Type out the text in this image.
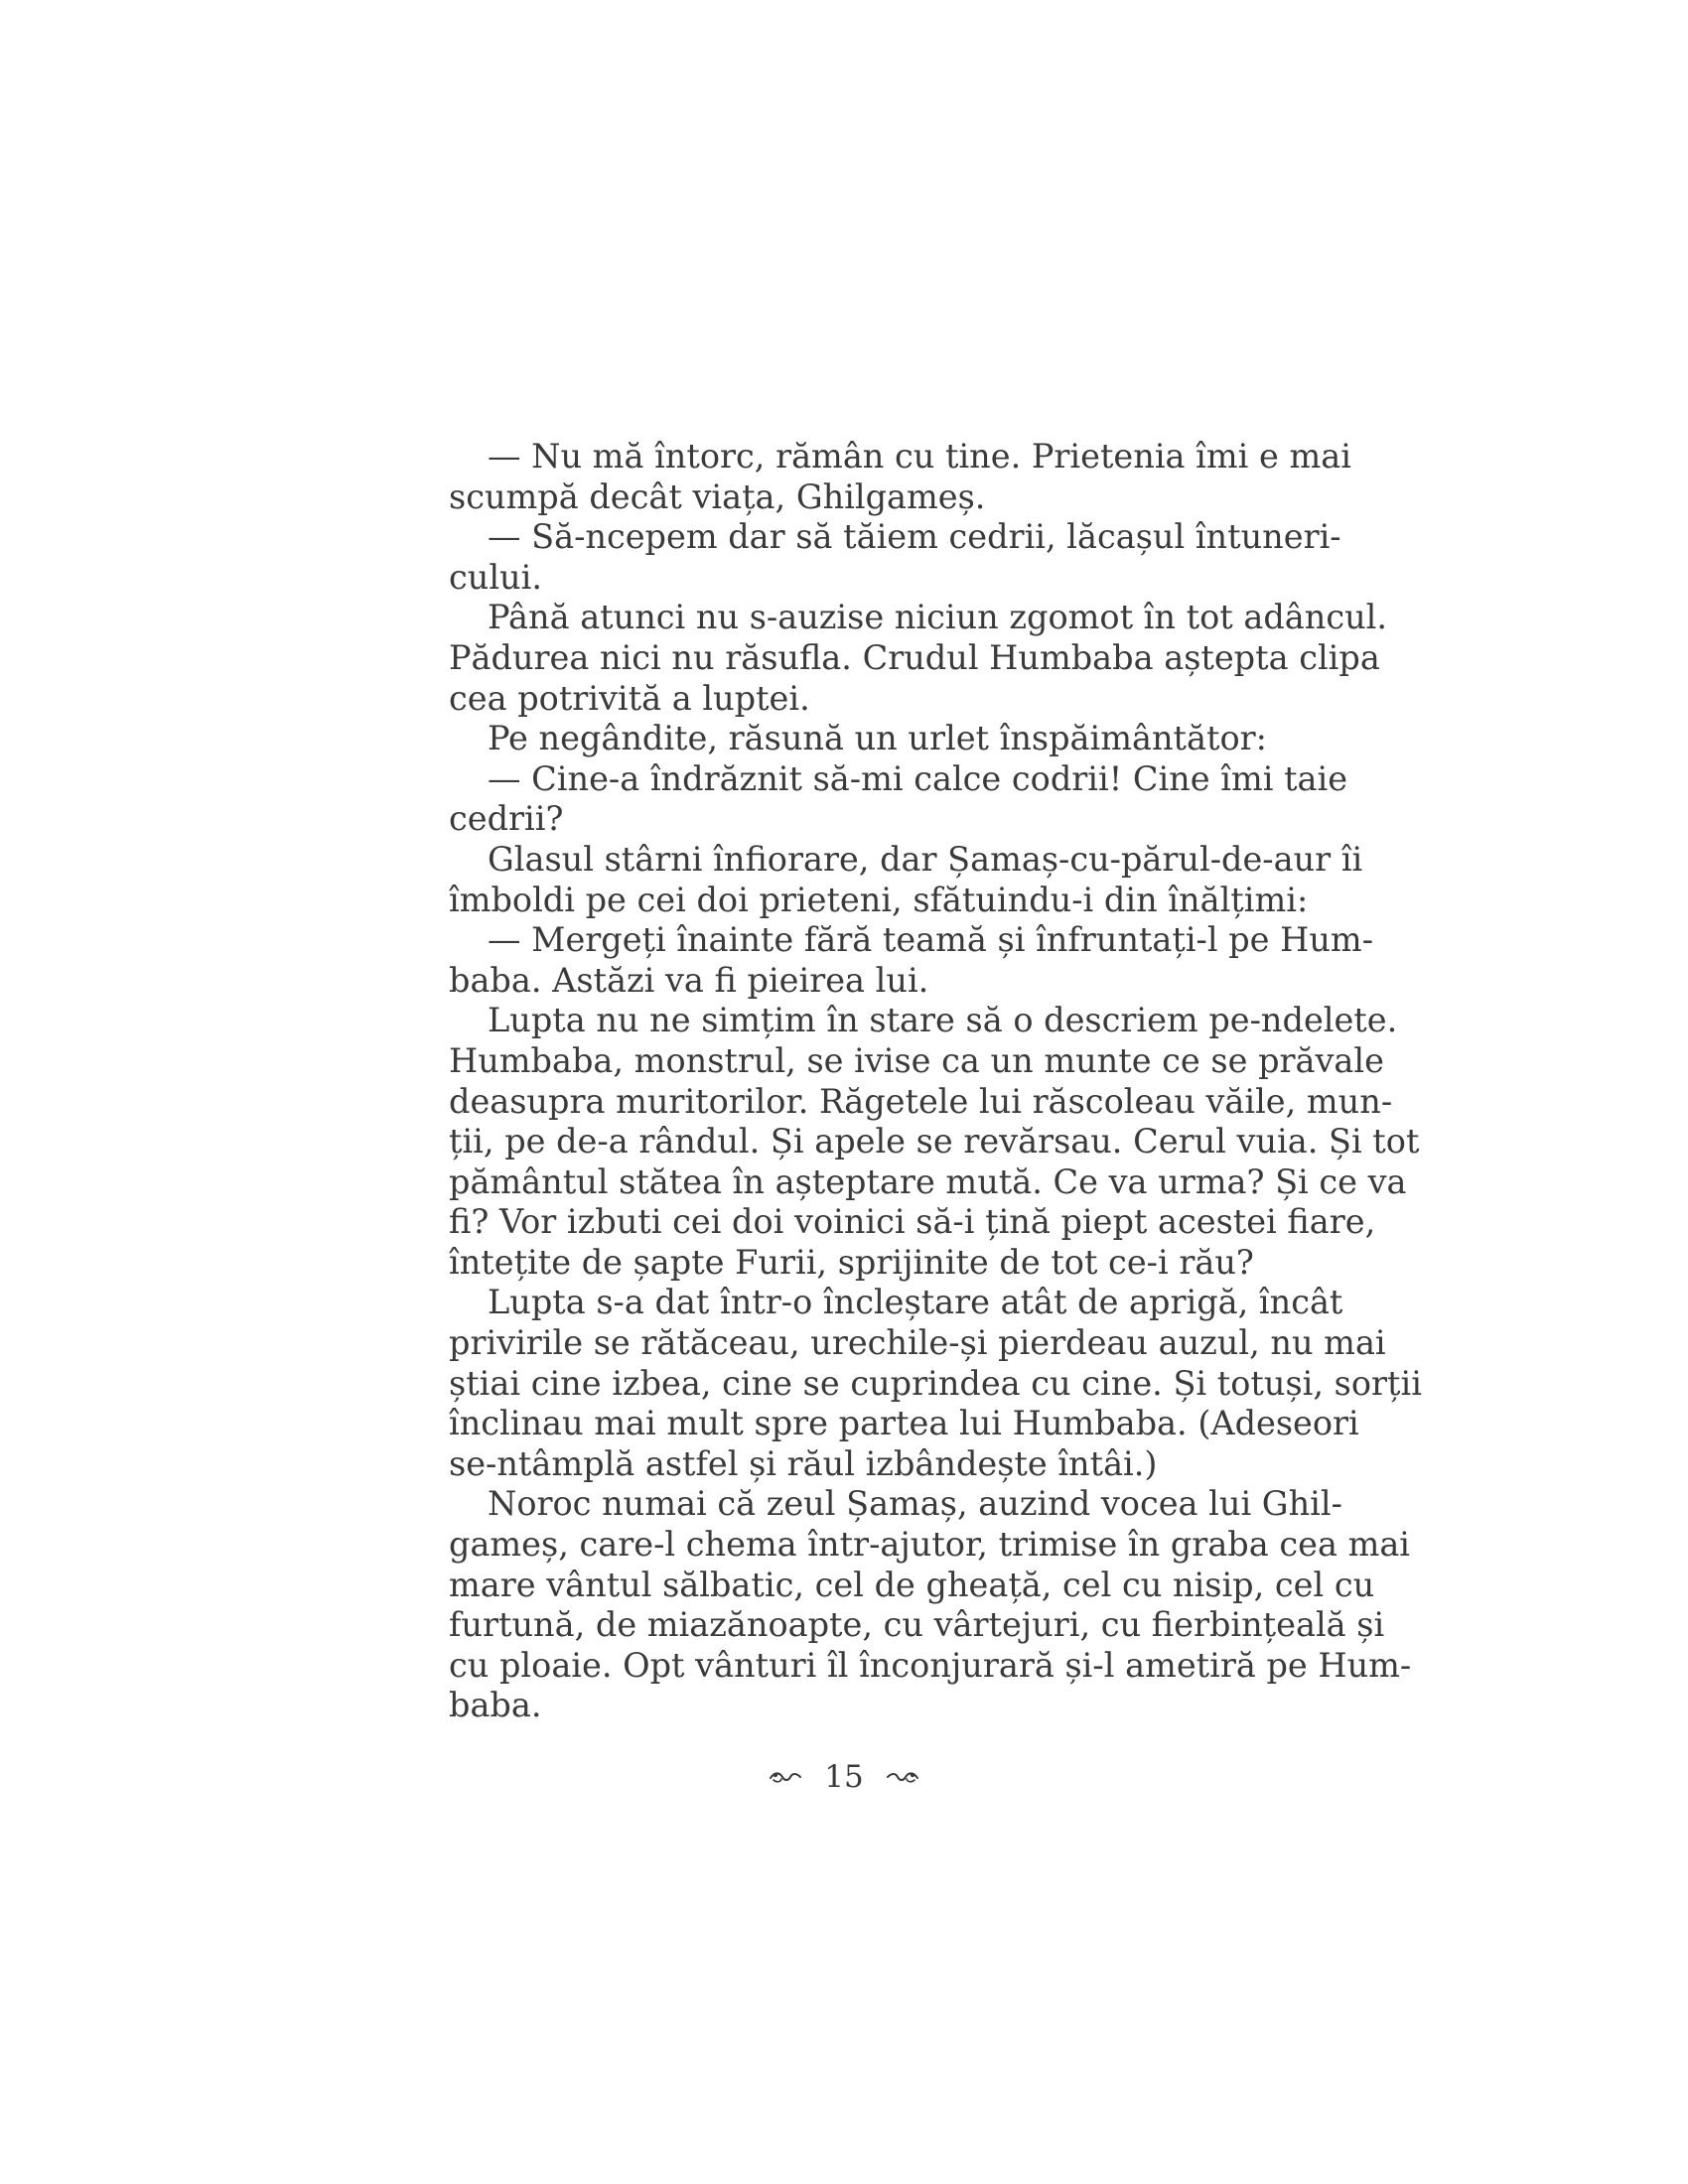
— Nu mă întorc, rămân cu tine. Prietenia îmi e mai
scumpă decât viața, Ghilgameș.
— Să-ncepem dar să tăiem cedrii, lăcașul întuneri-
cului.
Până atunci nu s-auzise niciun zgomot în tot adâncul.
Pădurea nici nu răsufla. Crudul Humbaba aștepta clipa
cea potrivită a luptei.
Pe negândite, răsună un urlet înspăimântător:
— Cine-a îndrăznit să-mi calce codrii! Cine îmi taie
cedrii?
Glasul stârni înfiorare, dar Șamaș-cu-părul-de-aur îi
îmboldi pe cei doi prieteni, sfătuindu-i din înălțimi:
— Mergeți înainte fără teamă și înfruntați-l pe Hum-
baba. Astăzi va fi pieirea lui.
Lupta nu ne simțim în stare să o descriem pe-ndelete.
Humbaba, monstrul, se ivise ca un munte ce se prăvale
deasupra muritorilor. Răgetele lui răscoleau văile, mun-
ții, pe de-a rândul. Și apele se revărsau. Cerul vuia. Și tot
pământul stătea în așteptare mută. Ce va urma? Și ce va
fi? Vor izbuti cei doi voinici să-i țină piept acestei fiare,
întețite de șapte Furii, sprijinite de tot ce-i rău?
Lupta s-a dat într-o încleștare atât de aprigă, încât
privirile se rătăceau, urechile-și pierdeau auzul, nu mai
știai cine izbea, cine se cuprindea cu cine. Și totuși, sorții
înclinau mai mult spre partea lui Humbaba. (Adeseori
se-ntâmplă astfel și răul izbândește întâi.)
Noroc numai că zeul Șamaș, auzind vocea lui Ghil-
gameș, care-l chema într-ajutor, trimise în graba cea mai
mare vântul sălbatic, cel de gheață, cel cu nisip, cel cu
furtună, de miazănoapte, cu vârtejuri, cu fierbințeală și
cu ploaie. Opt vânturi îl înconjurară și-l ametiră pe Hum-
baba.
15
